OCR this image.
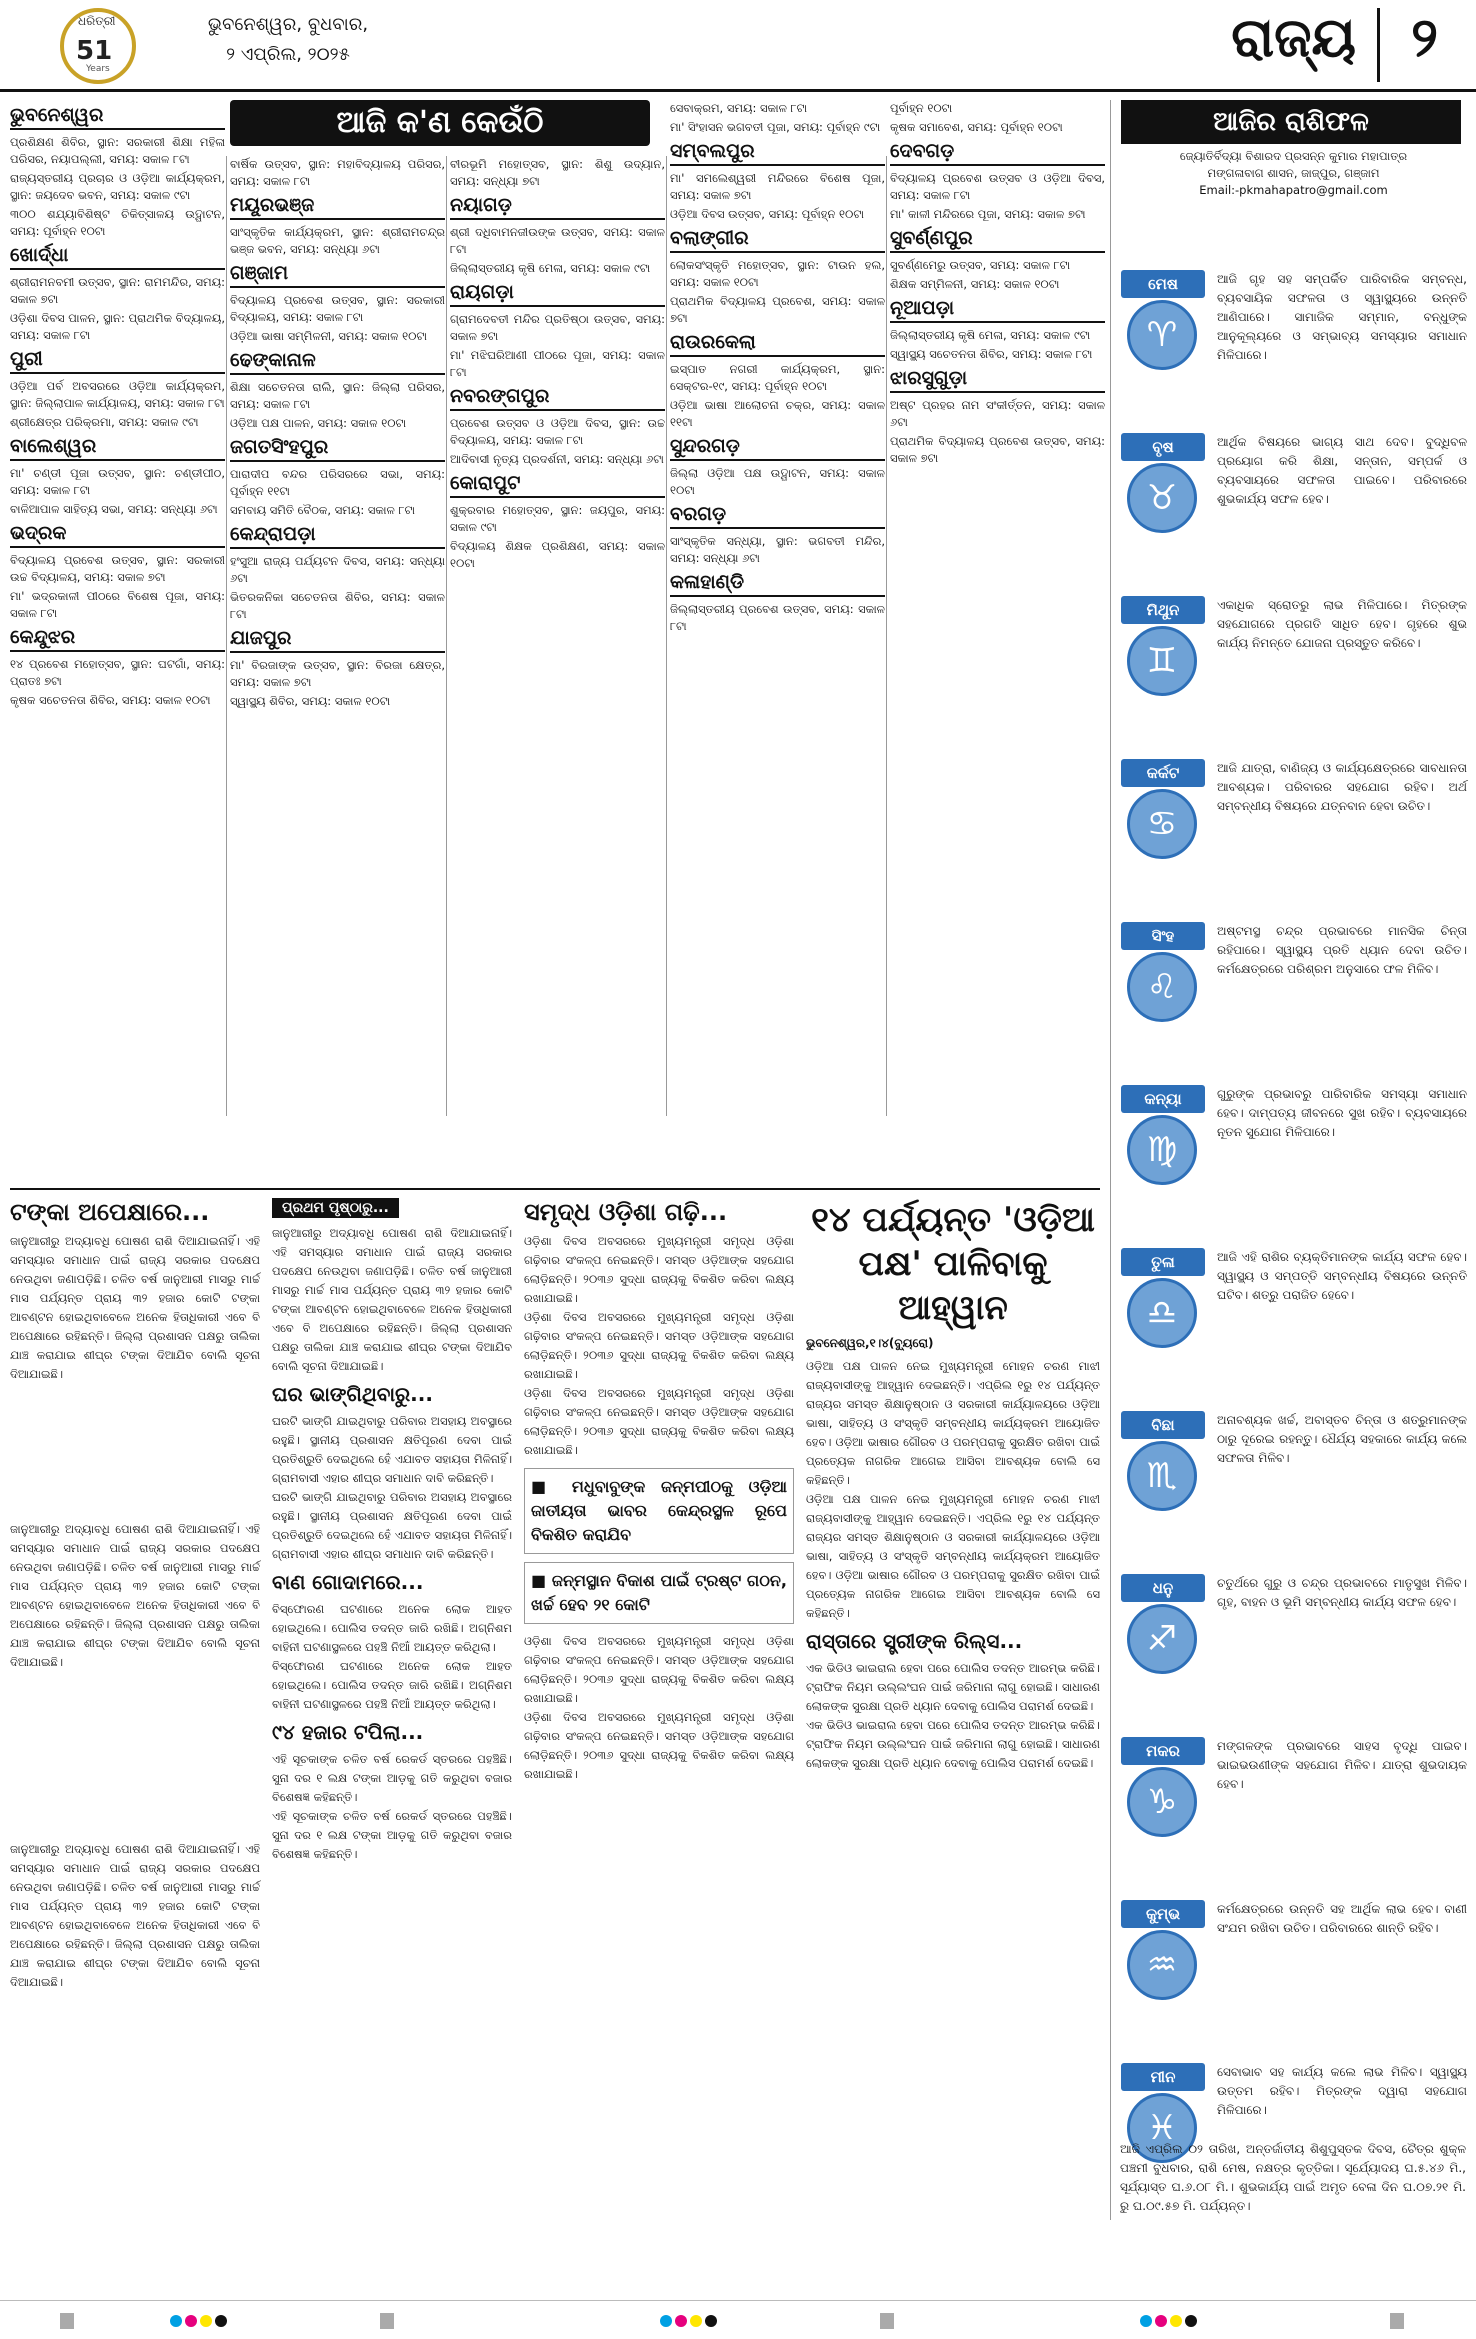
ଧରିତ୍ରୀ
51
Years
ଭୁବନେଶ୍ୱର, ବୁଧବାର,
୨ ଏପ୍ରିଲ, ୨୦୨୫	ରାଜ୍ୟ ୨
ଆଜି କ'ଣ କେଉଁଠି
ଭୁବନେଶ୍ୱର

ପ୍ରଶିକ୍ଷଣ ଶିବିର, ସ୍ଥାନ: ସରକାରୀ ଶିକ୍ଷା ମହିଳା ପରିସର, ନୟାପଲ୍ଲୀ, ସମୟ: ସକାଳ ୮ଟା

ରାଜ୍ୟସ୍ତରୀୟ ପ୍ରଚାର ଓ ଓଡ଼ିଆ କାର୍ଯ୍ୟକ୍ରମ, ସ୍ଥାନ: ଜୟଦେବ ଭବନ, ସମୟ: ସକାଳ ୯ଟା

୩୦୦ ଶଯ୍ୟାବିଶିଷ୍ଟ ଚିକିତ୍ସାଳୟ ଉଦ୍ଘାଟନ, ସମୟ: ପୂର୍ବାହ୍ନ ୧୦ଟା

ଖୋର୍ଦ୍ଧା

ଶ୍ରୀରାମନବମୀ ଉତ୍ସବ, ସ୍ଥାନ: ରାମମନ୍ଦିର, ସମୟ: ସକାଳ ୭ଟା

ଓଡ଼ିଶା ଦିବସ ପାଳନ, ସ୍ଥାନ: ପ୍ରାଥମିକ ବିଦ୍ୟାଳୟ, ସମୟ: ସକାଳ ୮ଟା

ପୁରୀ

ଓଡ଼ିଆ ପର୍ବ ଅବସରରେ ଓଡ଼ିଆ କାର୍ଯ୍ୟକ୍ରମ, ସ୍ଥାନ: ଜିଲ୍ଲାପାଳ କାର୍ଯ୍ୟାଳୟ, ସମୟ: ସକାଳ ୮ଟା

ଶ୍ରୀକ୍ଷେତ୍ର ପରିକ୍ରମା, ସମୟ: ସକାଳ ୯ଟା

ବାଲେଶ୍ୱର

ମା' ଚଣ୍ଡୀ ପୂଜା ଉତ୍ସବ, ସ୍ଥାନ: ଚଣ୍ଡୀପୀଠ, ସମୟ: ସକାଳ ୮ଟା

ବାଳିଆପାଳ ସାହିତ୍ୟ ସଭା, ସମୟ: ସନ୍ଧ୍ୟା ୬ଟା

ଭଦ୍ରକ

ବିଦ୍ୟାଳୟ ପ୍ରବେଶ ଉତ୍ସବ, ସ୍ଥାନ: ସରକାରୀ ଉଚ୍ଚ ବିଦ୍ୟାଳୟ, ସମୟ: ସକାଳ ୭ଟା

ମା' ଭଦ୍ରକାଳୀ ପୀଠରେ ବିଶେଷ ପୂଜା, ସମୟ: ସକାଳ ୮ଟା

କେନ୍ଦୁଝର

୧୪ ପ୍ରବେଶ ମହୋତ୍ସବ, ସ୍ଥାନ: ଘଟଗାଁ, ସମୟ: ପ୍ରାତଃ ୭ଟା

କୃଷକ ସଚେତନତା ଶିବିର, ସମୟ: ସକାଳ ୧୦ଟା

ବାର୍ଷିକ ଉତ୍ସବ, ସ୍ଥାନ: ମହାବିଦ୍ୟାଳୟ ପରିସର, ସମୟ: ସକାଳ ୮ଟା

ମୟୂରଭଞ୍ଜ

ସାଂସ୍କୃତିକ କାର୍ଯ୍ୟକ୍ରମ, ସ୍ଥାନ: ଶ୍ରୀରାମଚନ୍ଦ୍ର ଭଞ୍ଜ ଭବନ, ସମୟ: ସନ୍ଧ୍ୟା ୬ଟା

ଗଞ୍ଜାମ

ବିଦ୍ୟାଳୟ ପ୍ରବେଶ ଉତ୍ସବ, ସ୍ଥାନ: ସରକାରୀ ବିଦ୍ୟାଳୟ, ସମୟ: ସକାଳ ୮ଟା

ଓଡ଼ିଆ ଭାଷା ସମ୍ମିଳନୀ, ସମୟ: ସକାଳ ୧୦ଟା

ଢେଙ୍କାନାଳ

ଶିକ୍ଷା ସଚେତନତା ରାଲି, ସ୍ଥାନ: ଜିଲ୍ଲା ପରିସର, ସମୟ: ସକାଳ ୮ଟା

ଓଡ଼ିଆ ପକ୍ଷ ପାଳନ, ସମୟ: ସକାଳ ୧୦ଟା

ଜଗତସିଂହପୁର

ପାରାଦୀପ ବନ୍ଦର ପରିସରରେ ସଭା, ସମୟ: ପୂର୍ବାହ୍ନ ୧୧ଟା

ସମବାୟ ସମିତି ବୈଠକ, ସମୟ: ସକାଳ ୮ଟା

କେନ୍ଦ୍ରାପଡ଼ା

ହଂସୁଆ ରାଜ୍ୟ ପର୍ଯ୍ୟଟନ ଦିବସ, ସମୟ: ସନ୍ଧ୍ୟା ୬ଟା

ଭିତରକନିକା ସଚେତନତା ଶିବିର, ସମୟ: ସକାଳ ୮ଟା

ଯାଜପୁର

ମା' ବିରଜାଙ୍କ ଉତ୍ସବ, ସ୍ଥାନ: ବିରଜା କ୍ଷେତ୍ର, ସମୟ: ସକାଳ ୭ଟା

ସ୍ୱାସ୍ଥ୍ୟ ଶିବିର, ସମୟ: ସକାଳ ୧୦ଟା

ବୀରଭୂମି ମହୋତ୍ସବ, ସ୍ଥାନ: ଶିଶୁ ଉଦ୍ୟାନ, ସମୟ: ସନ୍ଧ୍ୟା ୭ଟା

ନୟାଗଡ଼

ଶ୍ରୀ ଦଧିବାମନଜୀଉଙ୍କ ଉତ୍ସବ, ସମୟ: ସକାଳ ୮ଟା

ଜିଲ୍ଲାସ୍ତରୀୟ କୃଷି ମେଳା, ସମୟ: ସକାଳ ୯ଟା

ରାୟଗଡ଼ା

ଗ୍ରାମଦେବତୀ ମନ୍ଦିର ପ୍ରତିଷ୍ଠା ଉତ୍ସବ, ସମୟ: ସକାଳ ୭ଟା

ମା' ମଝିଘରିଆଣୀ ପୀଠରେ ପୂଜା, ସମୟ: ସକାଳ ୮ଟା

ନବରଙ୍ଗପୁର

ପ୍ରବେଶ ଉତ୍ସବ ଓ ଓଡ଼ିଆ ଦିବସ, ସ୍ଥାନ: ଉଚ୍ଚ ବିଦ୍ୟାଳୟ, ସମୟ: ସକାଳ ୮ଟା

ଆଦିବାସୀ ନୃତ୍ୟ ପ୍ରଦର୍ଶନୀ, ସମୟ: ସନ୍ଧ୍ୟା ୬ଟା

କୋରାପୁଟ

ଶୁକ୍ରବାର ମହୋତ୍ସବ, ସ୍ଥାନ: ଜୟପୁର, ସମୟ: ସକାଳ ୯ଟା

ବିଦ୍ୟାଳୟ ଶିକ୍ଷକ ପ୍ରଶିକ୍ଷଣ, ସମୟ: ସକାଳ ୧୦ଟା

ସେବାକ୍ରମ, ସମୟ: ସକାଳ ୮ଟା

ମା' ସିଂହାସନ ଭଗବତୀ ପୂଜା, ସମୟ: ପୂର୍ବାହ୍ନ ୯ଟା

ସମ୍ବଲପୁର

ମା' ସମଲେଶ୍ୱରୀ ମନ୍ଦିରରେ ବିଶେଷ ପୂଜା, ସମୟ: ସକାଳ ୭ଟା

ଓଡ଼ିଆ ଦିବସ ଉତ୍ସବ, ସମୟ: ପୂର୍ବାହ୍ନ ୧୦ଟା

ବଲାଙ୍ଗୀର

ଲୋକସଂସ୍କୃତି ମହୋତ୍ସବ, ସ୍ଥାନ: ଟାଉନ ହଲ, ସମୟ: ସକାଳ ୧୦ଟା

ପ୍ରାଥମିକ ବିଦ୍ୟାଳୟ ପ୍ରବେଶ, ସମୟ: ସକାଳ ୭ଟା

ରାଉରକେଲା

ଇସ୍ପାତ ନଗରୀ କାର୍ଯ୍ୟକ୍ରମ, ସ୍ଥାନ: ସେକ୍ଟର-୧୯, ସମୟ: ପୂର୍ବାହ୍ନ ୧୦ଟା

ଓଡ଼ିଆ ଭାଷା ଆଲୋଚନା ଚକ୍ର, ସମୟ: ସକାଳ ୧୧ଟା

ସୁନ୍ଦରଗଡ଼

ଜିଲ୍ଲା ଓଡ଼ିଆ ପକ୍ଷ ଉଦ୍ଘାଟନ, ସମୟ: ସକାଳ ୧୦ଟା

ବରଗଡ଼

ସାଂସ୍କୃତିକ ସନ୍ଧ୍ୟା, ସ୍ଥାନ: ଭଗବତୀ ମନ୍ଦିର, ସମୟ: ସନ୍ଧ୍ୟା ୬ଟା

କଳାହାଣ୍ଡି

ଜିଲ୍ଲାସ୍ତରୀୟ ପ୍ରବେଶ ଉତ୍ସବ, ସମୟ: ସକାଳ ୮ଟା

ପୂର୍ବାହ୍ନ ୧୦ଟା

କୃଷକ ସମାବେଶ, ସମୟ: ପୂର୍ବାହ୍ନ ୧୦ଟା

ଦେବଗଡ଼

ବିଦ୍ୟାଳୟ ପ୍ରବେଶ ଉତ୍ସବ ଓ ଓଡ଼ିଆ ଦିବସ, ସମୟ: ସକାଳ ୮ଟା

ମା' କାଳୀ ମନ୍ଦିରରେ ପୂଜା, ସମୟ: ସକାଳ ୭ଟା

ସୁବର୍ଣ୍ଣପୁର

ସୁବର୍ଣ୍ଣମେରୁ ଉତ୍ସବ, ସମୟ: ସକାଳ ୮ଟା

ଶିକ୍ଷକ ସମ୍ମିଳନୀ, ସମୟ: ସକାଳ ୧୦ଟା

ନୂଆପଡ଼ା

ଜିଲ୍ଲାସ୍ତରୀୟ କୃଷି ମେଳା, ସମୟ: ସକାଳ ୯ଟା

ସ୍ୱାସ୍ଥ୍ୟ ସଚେତନତା ଶିବିର, ସମୟ: ସକାଳ ୮ଟା

ଝାରସୁଗୁଡ଼ା

ଅଷ୍ଟ ପ୍ରହର ନାମ ସଂକୀର୍ତ୍ତନ, ସମୟ: ସକାଳ ୬ଟା

ପ୍ରାଥମିକ ବିଦ୍ୟାଳୟ ପ୍ରବେଶ ଉତ୍ସବ, ସମୟ: ସକାଳ ୭ଟା

ଆଜିର ରାଶିଫଳ
ଜ୍ୟୋତିର୍ବିଦ୍ୟା ବିଶାରଦ ପ୍ରସନ୍ନ କୁମାର ମହାପାତ୍ର
ମଙ୍ଗଳାବାଗ ଶାସନ, ଜାଜ୍ପୁର, ଗଞ୍ଜାମ
Email:-pkmahapatro@gmail.com
ମେଷ
♈
ଆଜି ଗୃହ ସହ ସମ୍ପର୍କିତ ପାରିବାରିକ ସମ୍ବନ୍ଧ, ବ୍ୟବସାୟିକ ସଫଳତା ଓ ସ୍ୱାସ୍ଥ୍ୟରେ ଉନ୍ନତି ଆଣିପାରେ। ସାମାଜିକ ସମ୍ମାନ, ବନ୍ଧୁଙ୍କ ଆନୁକୂଲ୍ୟରେ ଓ ସମ୍ଭାବ୍ୟ ସମସ୍ୟାର ସମାଧାନ ମିଳିପାରେ।
ବୃଷ
♉
ଆର୍ଥିକ ବିଷୟରେ ଭାଗ୍ୟ ସାଥ ଦେବ। ବୁଦ୍ଧିବଳ ପ୍ରୟୋଗ କରି ଶିକ୍ଷା, ସନ୍ତାନ, ସମ୍ପର୍କ ଓ ବ୍ୟବସାୟରେ ସଫଳତା ପାଇବେ। ପରିବାରରେ ଶୁଭକାର୍ଯ୍ୟ ସଫଳ ହେବ।
ମିଥୁନ
♊
ଏକାଧିକ ସ୍ରୋତରୁ ଲାଭ ମିଳିପାରେ। ମିତ୍ରଙ୍କ ସହଯୋଗରେ ପ୍ରଗତି ସାଧିତ ହେବ। ଗୃହରେ ଶୁଭ କାର୍ଯ୍ୟ ନିମନ୍ତେ ଯୋଜନା ପ୍ରସ୍ତୁତ କରିବେ।
କର୍କଟ
♋
ଆଜି ଯାତ୍ରା, ବାଣିଜ୍ୟ ଓ କାର୍ଯ୍ୟକ୍ଷେତ୍ରରେ ସାବଧାନତା ଆବଶ୍ୟକ। ପରିବାରର ସହଯୋଗ ରହିବ। ଅର୍ଥ ସମ୍ବନ୍ଧୀୟ ବିଷୟରେ ଯତ୍ନବାନ ହେବା ଉଚିତ।
ସିଂହ
♌
ଅଷ୍ଟମସ୍ଥ ଚନ୍ଦ୍ର ପ୍ରଭାବରେ ମାନସିକ ଚିନ୍ତା ରହିପାରେ। ସ୍ୱାସ୍ଥ୍ୟ ପ୍ରତି ଧ୍ୟାନ ଦେବା ଉଚିତ। କର୍ମକ୍ଷେତ୍ରରେ ପରିଶ୍ରମ ଅନୁସାରେ ଫଳ ମିଳିବ।
କନ୍ୟା
♍
ଗୁରୁଙ୍କ ପ୍ରଭାବରୁ ପାରିବାରିକ ସମସ୍ୟା ସମାଧାନ ହେବ। ଦାମ୍ପତ୍ୟ ଜୀବନରେ ସୁଖ ରହିବ। ବ୍ୟବସାୟରେ ନୂତନ ସୁଯୋଗ ମିଳିପାରେ।
ତୁଳା
♎
ଆଜି ଏହି ରାଶିର ବ୍ୟକ୍ତିମାନଙ୍କ କାର୍ଯ୍ୟ ସଫଳ ହେବ। ସ୍ୱାସ୍ଥ୍ୟ ଓ ସମ୍ପତ୍ତି ସମ୍ବନ୍ଧୀୟ ବିଷୟରେ ଉନ୍ନତି ଘଟିବ। ଶତ୍ରୁ ପରାଜିତ ହେବେ।
ବିଛା
♏
ଅନାବଶ୍ୟକ ଖର୍ଚ୍ଚ, ଅବାସ୍ତବ ଚିନ୍ତା ଓ ଶତ୍ରୁମାନଙ୍କ ଠାରୁ ଦୂରେଇ ରହନ୍ତୁ। ଧୈର୍ଯ୍ୟ ସହକାରେ କାର୍ଯ୍ୟ କଲେ ସଫଳତା ମିଳିବ।
ଧନୁ
♐
ଚତୁର୍ଥରେ ଗୁରୁ ଓ ଚନ୍ଦ୍ର ପ୍ରଭାବରେ ମାତୃସୁଖ ମିଳିବ। ଗୃହ, ବାହନ ଓ ଭୂମି ସମ୍ବନ୍ଧୀୟ କାର୍ଯ୍ୟ ସଫଳ ହେବ।
ମକର
♑
ମଙ୍ଗଳଙ୍କ ପ୍ରଭାବରେ ସାହସ ବୃଦ୍ଧି ପାଇବ। ଭାଇଭଉଣୀଙ୍କ ସହଯୋଗ ମିଳିବ। ଯାତ୍ରା ଶୁଭଦାୟକ ହେବ।
କୁମ୍ଭ
♒
କର୍ମକ୍ଷେତ୍ରରେ ଉନ୍ନତି ସହ ଆର୍ଥିକ ଲାଭ ହେବ। ବାଣୀ ସଂଯମ ରଖିବା ଉଚିତ। ପରିବାରରେ ଶାନ୍ତି ରହିବ।
ମୀନ
♓
ସେବାଭାବ ସହ କାର୍ଯ୍ୟ କଲେ ଲାଭ ମିଳିବ। ସ୍ୱାସ୍ଥ୍ୟ ଉତ୍ତମ ରହିବ। ମିତ୍ରଙ୍କ ଦ୍ୱାରା ସହଯୋଗ ମିଳିପାରେ।
ଟଙ୍କା ଅପେକ୍ଷାରେ...

ଜାନୁଆରୀରୁ ଅଦ୍ୟାବଧି ପୋଷଣ ରାଶି ଦିଆଯାଇନାହିଁ। ଏହି ସମସ୍ୟାର ସମାଧାନ ପାଇଁ ରାଜ୍ୟ ସରକାର ପଦକ୍ଷେପ ନେଉଥିବା ଜଣାପଡ଼ିଛି। ଚଳିତ ବର୍ଷ ଜାନୁଆରୀ ମାସରୁ ମାର୍ଚ୍ଚ ମାସ ପର୍ଯ୍ୟନ୍ତ ପ୍ରାୟ ୩୨ ହଜାର କୋଟି ଟଙ୍କା ଆବଣ୍ଟନ ହୋଇଥିବାବେଳେ ଅନେକ ହିତାଧିକାରୀ ଏବେ ବି ଅପେକ୍ଷାରେ ରହିଛନ୍ତି। ଜିଲ୍ଲା ପ୍ରଶାସନ ପକ୍ଷରୁ ତାଲିକା ଯାଞ୍ଚ କରାଯାଇ ଶୀଘ୍ର ଟଙ୍କା ଦିଆଯିବ ବୋଲି ସୂଚନା ଦିଆଯାଇଛି।

ଜାନୁଆରୀରୁ ଅଦ୍ୟାବଧି ପୋଷଣ ରାଶି ଦିଆଯାଇନାହିଁ। ଏହି ସମସ୍ୟାର ସମାଧାନ ପାଇଁ ରାଜ୍ୟ ସରକାର ପଦକ୍ଷେପ ନେଉଥିବା ଜଣାପଡ଼ିଛି। ଚଳିତ ବର୍ଷ ଜାନୁଆରୀ ମାସରୁ ମାର୍ଚ୍ଚ ମାସ ପର୍ଯ୍ୟନ୍ତ ପ୍ରାୟ ୩୨ ହଜାର କୋଟି ଟଙ୍କା ଆବଣ୍ଟନ ହୋଇଥିବାବେଳେ ଅନେକ ହିତାଧିକାରୀ ଏବେ ବି ଅପେକ୍ଷାରେ ରହିଛନ୍ତି। ଜିଲ୍ଲା ପ୍ରଶାସନ ପକ୍ଷରୁ ତାଲିକା ଯାଞ୍ଚ କରାଯାଇ ଶୀଘ୍ର ଟଙ୍କା ଦିଆଯିବ ବୋଲି ସୂଚନା ଦିଆଯାଇଛି।

ଜାନୁଆରୀରୁ ଅଦ୍ୟାବଧି ପୋଷଣ ରାଶି ଦିଆଯାଇନାହିଁ। ଏହି ସମସ୍ୟାର ସମାଧାନ ପାଇଁ ରାଜ୍ୟ ସରକାର ପଦକ୍ଷେପ ନେଉଥିବା ଜଣାପଡ଼ିଛି। ଚଳିତ ବର୍ଷ ଜାନୁଆରୀ ମାସରୁ ମାର୍ଚ୍ଚ ମାସ ପର୍ଯ୍ୟନ୍ତ ପ୍ରାୟ ୩୨ ହଜାର କୋଟି ଟଙ୍କା ଆବଣ୍ଟନ ହୋଇଥିବାବେଳେ ଅନେକ ହିତାଧିକାରୀ ଏବେ ବି ଅପେକ୍ଷାରେ ରହିଛନ୍ତି। ଜିଲ୍ଲା ପ୍ରଶାସନ ପକ୍ଷରୁ ତାଲିକା ଯାଞ୍ଚ କରାଯାଇ ଶୀଘ୍ର ଟଙ୍କା ଦିଆଯିବ ବୋଲି ସୂଚନା ଦିଆଯାଇଛି।

ପ୍ରଥମ ପୃଷ୍ଠାରୁ...

ଜାନୁଆରୀରୁ ଅଦ୍ୟାବଧି ପୋଷଣ ରାଶି ଦିଆଯାଇନାହିଁ। ଏହି ସମସ୍ୟାର ସମାଧାନ ପାଇଁ ରାଜ୍ୟ ସରକାର ପଦକ୍ଷେପ ନେଉଥିବା ଜଣାପଡ଼ିଛି। ଚଳିତ ବର୍ଷ ଜାନୁଆରୀ ମାସରୁ ମାର୍ଚ୍ଚ ମାସ ପର୍ଯ୍ୟନ୍ତ ପ୍ରାୟ ୩୨ ହଜାର କୋଟି ଟଙ୍କା ଆବଣ୍ଟନ ହୋଇଥିବାବେଳେ ଅନେକ ହିତାଧିକାରୀ ଏବେ ବି ଅପେକ୍ଷାରେ ରହିଛନ୍ତି। ଜିଲ୍ଲା ପ୍ରଶାସନ ପକ୍ଷରୁ ତାଲିକା ଯାଞ୍ଚ କରାଯାଇ ଶୀଘ୍ର ଟଙ୍କା ଦିଆଯିବ ବୋଲି ସୂଚନା ଦିଆଯାଇଛି।

ଘର ଭାଙ୍ଗିଥିବାରୁ...

ଘରଟି ଭାଙ୍ଗି ଯାଇଥିବାରୁ ପରିବାର ଅସହାୟ ଅବସ୍ଥାରେ ରହୁଛି। ସ୍ଥାନୀୟ ପ୍ରଶାସନ କ୍ଷତିପୂରଣ ଦେବା ପାଇଁ ପ୍ରତିଶ୍ରୁତି ଦେଇଥିଲେ ହେଁ ଏଯାବତ ସହାୟତା ମିଳିନାହିଁ। ଗ୍ରାମବାସୀ ଏହାର ଶୀଘ୍ର ସମାଧାନ ଦାବି କରିଛନ୍ତି।

ଘରଟି ଭାଙ୍ଗି ଯାଇଥିବାରୁ ପରିବାର ଅସହାୟ ଅବସ୍ଥାରେ ରହୁଛି। ସ୍ଥାନୀୟ ପ୍ରଶାସନ କ୍ଷତିପୂରଣ ଦେବା ପାଇଁ ପ୍ରତିଶ୍ରୁତି ଦେଇଥିଲେ ହେଁ ଏଯାବତ ସହାୟତା ମିଳିନାହିଁ। ଗ୍ରାମବାସୀ ଏହାର ଶୀଘ୍ର ସମାଧାନ ଦାବି କରିଛନ୍ତି।

ବାଣ ଗୋଦାମରେ...

ବିସ୍ଫୋରଣ ଘଟଣାରେ ଅନେକ ଲୋକ ଆହତ ହୋଇଥିଲେ। ପୋଲିସ ତଦନ୍ତ ଜାରି ରଖିଛି। ଅଗ୍ନିଶମ ବାହିନୀ ଘଟଣାସ୍ଥଳରେ ପହଞ୍ଚି ନିଆଁ ଆୟତ୍ତ କରିଥିଲା।

ବିସ୍ଫୋରଣ ଘଟଣାରେ ଅନେକ ଲୋକ ଆହତ ହୋଇଥିଲେ। ପୋଲିସ ତଦନ୍ତ ଜାରି ରଖିଛି। ଅଗ୍ନିଶମ ବାହିନୀ ଘଟଣାସ୍ଥଳରେ ପହଞ୍ଚି ନିଆଁ ଆୟତ୍ତ କରିଥିଲା।

୯୪ ହଜାର ଟପିଲା...

ଏହି ସୂଚକାଙ୍କ ଚଳିତ ବର୍ଷ ରେକର୍ଡ ସ୍ତରରେ ପହଞ୍ଚିଛି। ସୁନା ଦର ୧ ଲକ୍ଷ ଟଙ୍କା ଆଡ଼କୁ ଗତି କରୁଥିବା ବଜାର ବିଶେଷଜ୍ଞ କହିଛନ୍ତି।

ଏହି ସୂଚକାଙ୍କ ଚଳିତ ବର୍ଷ ରେକର୍ଡ ସ୍ତରରେ ପହଞ୍ଚିଛି। ସୁନା ଦର ୧ ଲକ୍ଷ ଟଙ୍କା ଆଡ଼କୁ ଗତି କରୁଥିବା ବଜାର ବିଶେଷଜ୍ଞ କହିଛନ୍ତି।

ସମୃଦ୍ଧ ଓଡ଼ିଶା ଗଢ଼ି...

ଓଡ଼ିଶା ଦିବସ ଅବସରରେ ମୁଖ୍ୟମନ୍ତ୍ରୀ ସମୃଦ୍ଧ ଓଡ଼ିଶା ଗଢ଼ିବାର ସଂକଳ୍ପ ନେଇଛନ୍ତି। ସମସ୍ତ ଓଡ଼ିଆଙ୍କ ସହଯୋଗ ଲୋଡ଼ିଛନ୍ତି। ୨୦୩୬ ସୁଦ୍ଧା ରାଜ୍ୟକୁ ବିକଶିତ କରିବା ଲକ୍ଷ୍ୟ ରଖାଯାଇଛି।

ଓଡ଼ିଶା ଦିବସ ଅବସରରେ ମୁଖ୍ୟମନ୍ତ୍ରୀ ସମୃଦ୍ଧ ଓଡ଼ିଶା ଗଢ଼ିବାର ସଂକଳ୍ପ ନେଇଛନ୍ତି। ସମସ୍ତ ଓଡ଼ିଆଙ୍କ ସହଯୋଗ ଲୋଡ଼ିଛନ୍ତି। ୨୦୩୬ ସୁଦ୍ଧା ରାଜ୍ୟକୁ ବିକଶିତ କରିବା ଲକ୍ଷ୍ୟ ରଖାଯାଇଛି।

ଓଡ଼ିଶା ଦିବସ ଅବସରରେ ମୁଖ୍ୟମନ୍ତ୍ରୀ ସମୃଦ୍ଧ ଓଡ଼ିଶା ଗଢ଼ିବାର ସଂକଳ୍ପ ନେଇଛନ୍ତି। ସମସ୍ତ ଓଡ଼ିଆଙ୍କ ସହଯୋଗ ଲୋଡ଼ିଛନ୍ତି। ୨୦୩୬ ସୁଦ୍ଧା ରାଜ୍ୟକୁ ବିକଶିତ କରିବା ଲକ୍ଷ୍ୟ ରଖାଯାଇଛି।

■ ମଧୁବାବୁଙ୍କ ଜନ୍ମପୀଠକୁ ଓଡ଼ିଆ ଜାତୀୟତା ଭାବର କେନ୍ଦ୍ରସ୍ଥଳ ରୂପେ ବିକଶିତ କରାଯିବ
■ ଜନ୍ମସ୍ଥାନ ବିକାଶ ପାଇଁ ଟ୍ରଷ୍ଟ ଗଠନ, ଖର୍ଚ୍ଚ ହେବ ୨୧ କୋଟି

ଓଡ଼ିଶା ଦିବସ ଅବସରରେ ମୁଖ୍ୟମନ୍ତ୍ରୀ ସମୃଦ୍ଧ ଓଡ଼ିଶା ଗଢ଼ିବାର ସଂକଳ୍ପ ନେଇଛନ୍ତି। ସମସ୍ତ ଓଡ଼ିଆଙ୍କ ସହଯୋଗ ଲୋଡ଼ିଛନ୍ତି। ୨୦୩୬ ସୁଦ୍ଧା ରାଜ୍ୟକୁ ବିକଶିତ କରିବା ଲକ୍ଷ୍ୟ ରଖାଯାଇଛି।

ଓଡ଼ିଶା ଦିବସ ଅବସରରେ ମୁଖ୍ୟମନ୍ତ୍ରୀ ସମୃଦ୍ଧ ଓଡ଼ିଶା ଗଢ଼ିବାର ସଂକଳ୍ପ ନେଇଛନ୍ତି। ସମସ୍ତ ଓଡ଼ିଆଙ୍କ ସହଯୋଗ ଲୋଡ଼ିଛନ୍ତି। ୨୦୩୬ ସୁଦ୍ଧା ରାଜ୍ୟକୁ ବିକଶିତ କରିବା ଲକ୍ଷ୍ୟ ରଖାଯାଇଛି।

୧୪ ପର୍ଯ୍ୟନ୍ତ 'ଓଡ଼ିଆ ପକ୍ଷ' ପାଳିବାକୁ ଆହ୍ୱାନ
ଭୁବନେଶ୍ୱର,୧।୪(ବ୍ୟୁରୋ)

ଓଡ଼ିଆ ପକ୍ଷ ପାଳନ ନେଇ ମୁଖ୍ୟମନ୍ତ୍ରୀ ମୋହନ ଚରଣ ମାଝୀ ରାଜ୍ୟବାସୀଙ୍କୁ ଆହ୍ୱାନ ଦେଇଛନ୍ତି। ଏପ୍ରିଲ ୧ରୁ ୧୪ ପର୍ଯ୍ୟନ୍ତ ରାଜ୍ୟର ସମସ୍ତ ଶିକ୍ଷାନୁଷ୍ଠାନ ଓ ସରକାରୀ କାର୍ଯ୍ୟାଳୟରେ ଓଡ଼ିଆ ଭାଷା, ସାହିତ୍ୟ ଓ ସଂସ୍କୃତି ସମ୍ବନ୍ଧୀୟ କାର୍ଯ୍ୟକ୍ରମ ଆୟୋଜିତ ହେବ। ଓଡ଼ିଆ ଭାଷାର ଗୌରବ ଓ ପରମ୍ପରାକୁ ସୁରକ୍ଷିତ ରଖିବା ପାଇଁ ପ୍ରତ୍ୟେକ ନାଗରିକ ଆଗେଇ ଆସିବା ଆବଶ୍ୟକ ବୋଲି ସେ କହିଛନ୍ତି।

ଓଡ଼ିଆ ପକ୍ଷ ପାଳନ ନେଇ ମୁଖ୍ୟମନ୍ତ୍ରୀ ମୋହନ ଚରଣ ମାଝୀ ରାଜ୍ୟବାସୀଙ୍କୁ ଆହ୍ୱାନ ଦେଇଛନ୍ତି। ଏପ୍ରିଲ ୧ରୁ ୧୪ ପର୍ଯ୍ୟନ୍ତ ରାଜ୍ୟର ସମସ୍ତ ଶିକ୍ଷାନୁଷ୍ଠାନ ଓ ସରକାରୀ କାର୍ଯ୍ୟାଳୟରେ ଓଡ଼ିଆ ଭାଷା, ସାହିତ୍ୟ ଓ ସଂସ୍କୃତି ସମ୍ବନ୍ଧୀୟ କାର୍ଯ୍ୟକ୍ରମ ଆୟୋଜିତ ହେବ। ଓଡ଼ିଆ ଭାଷାର ଗୌରବ ଓ ପରମ୍ପରାକୁ ସୁରକ୍ଷିତ ରଖିବା ପାଇଁ ପ୍ରତ୍ୟେକ ନାଗରିକ ଆଗେଇ ଆସିବା ଆବଶ୍ୟକ ବୋଲି ସେ କହିଛନ୍ତି।

ରାସ୍ତାରେ ସ୍ତ୍ରୀଙ୍କ ରିଲ୍ସ...

ଏକ ଭିଡିଓ ଭାଇରାଲ ହେବା ପରେ ପୋଲିସ ତଦନ୍ତ ଆରମ୍ଭ କରିଛି। ଟ୍ରାଫିକ ନିୟମ ଉଲ୍ଲଂଘନ ପାଇଁ ଜରିମାନା ଲାଗୁ ହୋଇଛି। ସାଧାରଣ ଲୋକଙ୍କ ସୁରକ୍ଷା ପ୍ରତି ଧ୍ୟାନ ଦେବାକୁ ପୋଲିସ ପରାମର୍ଶ ଦେଇଛି।

ଏକ ଭିଡିଓ ଭାଇରାଲ ହେବା ପରେ ପୋଲିସ ତଦନ୍ତ ଆରମ୍ଭ କରିଛି। ଟ୍ରାଫିକ ନିୟମ ଉଲ୍ଲଂଘନ ପାଇଁ ଜରିମାନା ଲାଗୁ ହୋଇଛି। ସାଧାରଣ ଲୋକଙ୍କ ସୁରକ୍ଷା ପ୍ରତି ଧ୍ୟାନ ଦେବାକୁ ପୋଲିସ ପରାମର୍ଶ ଦେଇଛି।

ଆଜି ଏପ୍ରିଲ ୦୨ ତାରିଖ, ଅନ୍ତର୍ଜାତୀୟ ଶିଶୁପୁସ୍ତକ ଦିବସ, ଚୈତ୍ର ଶୁକ୍ଳ ପଞ୍ଚମୀ ବୁଧବାର, ରାଶି ମେଷ, ନକ୍ଷତ୍ର କୃତ୍ତିକା। ସୂର୍ଯ୍ୟୋଦୟ ଘ.୫.୪୬ ମି., ସୂର୍ଯ୍ୟାସ୍ତ ଘ.୬.୦୮ ମି.। ଶୁଭକାର୍ଯ୍ୟ ପାଇଁ ଅମୃତ ବେଳା ଦିନ ଘ.୦୭.୨୧ ମି. ରୁ ଘ.୦୯.୫୭ ମି. ପର୍ଯ୍ୟନ୍ତ।
